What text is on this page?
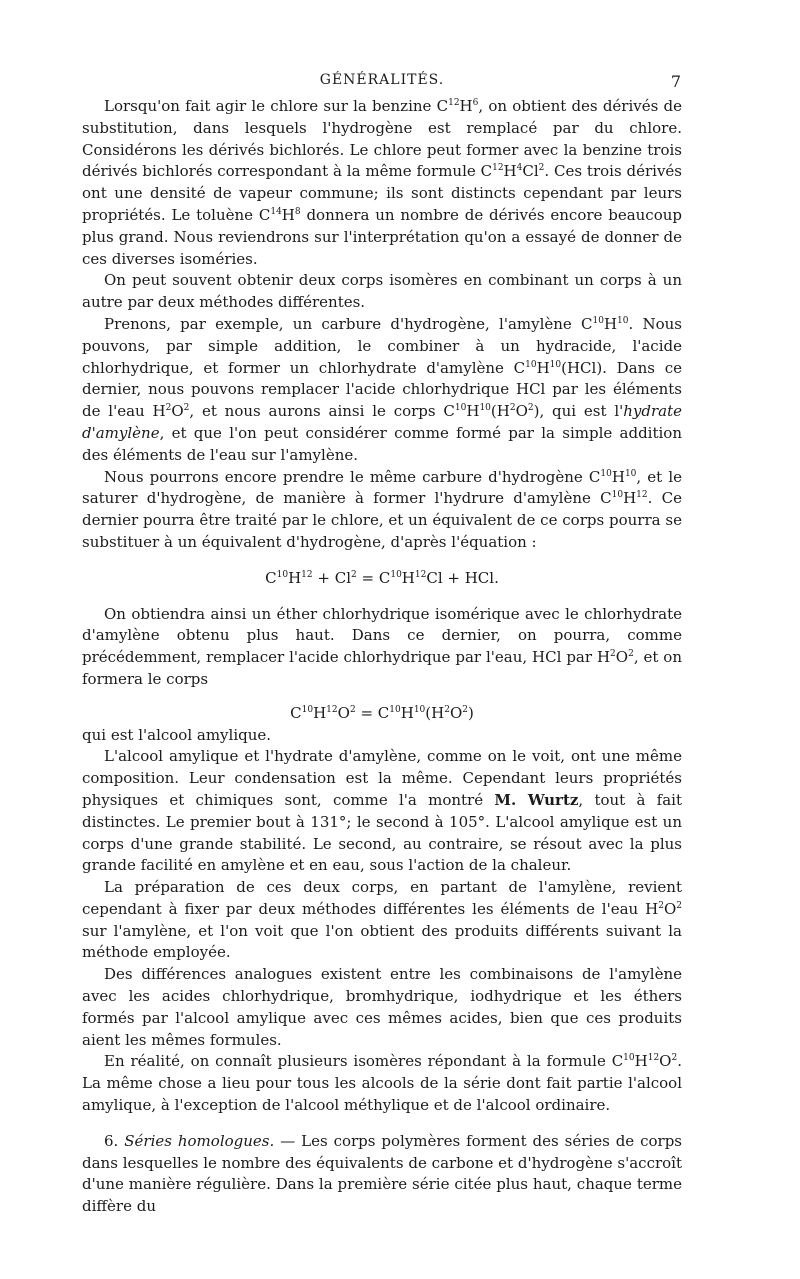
GÉNÉRALITÉS.	7

Lorsqu'on fait agir le chlore sur la benzine $C^{12}H^6$, on obtient des dérivés de substitution, dans lesquels l'hydrogène est remplacé par du chlore. Considérons les dérivés bichlorés. Le chlore peut former avec la benzine trois dérivés bichlorés correspondant à la même formule $C^{12}H^4Cl^2$. Ces trois dérivés ont une densité de vapeur commune; ils sont distincts cependant par leurs propriétés. Le toluène $C^{14}H^8$ donnera un nombre de dérivés encore beaucoup plus grand. Nous reviendrons sur l'interprétation qu'on a essayé de donner de ces diverses isoméries.

On peut souvent obtenir deux corps isomères en combinant un corps à un autre par deux méthodes différentes.

Prenons, par exemple, un carbure d'hydrogène, l'amylène $C^{10}H^{10}$. Nous pouvons, par simple addition, le combiner à un hydracide, l'acide chlorhydrique, et former un chlorhydrate d'amylène $C^{10}H^{10}(HCl)$. Dans ce dernier, nous pouvons remplacer l'acide chlorhydrique HCl par les éléments de l'eau $H^2O^2$, et nous aurons ainsi le corps $C^{10}H^{10}(H^2O^2)$, qui est l'hydrate d'amylène, et que l'on peut considérer comme formé par la simple addition des éléments de l'eau sur l'amylène.

Nous pourrons encore prendre le même carbure d'hydrogène $C^{10}H^{10}$, et le saturer d'hydrogène, de manière à former l'hydrure d'amylène $C^{10}H^{12}$. Ce dernier pourra être traité par le chlore, et un équivalent de ce corps pourra se substituer à un équivalent d'hydrogène, d'après l'équation :

$C^{10}H^{12} + Cl^2 = C^{10}H^{12}Cl$ + HCl.

On obtiendra ainsi un éther chlorhydrique isomérique avec le chlorhydrate d'amylène obtenu plus haut. Dans ce dernier, on pourra, comme précédemment, remplacer l'acide chlorhydrique par l'eau, HCl par $H^2O^2$, et on formera le corps

$C^{10}H^{12}O^2 = C^{10}H^{10}(H^2O^2)$

qui est l'alcool amylique.

L'alcool amylique et l'hydrate d'amylène, comme on le voit, ont une même composition. Leur condensation est la même. Cependant leurs propriétés physiques et chimiques sont, comme l'a montré M. Wurtz, tout à fait distinctes. Le premier bout à 131°; le second à 105°. L'alcool amylique est un corps d'une grande stabilité. Le second, au contraire, se résout avec la plus grande facilité en amylène et en eau, sous l'action de la chaleur.

La préparation de ces deux corps, en partant de l'amylène, revient cependant à fixer par deux méthodes différentes les éléments de l'eau $H^2O^2$ sur l'amylène, et l'on voit que l'on obtient des produits différents suivant la méthode employée.

Des différences analogues existent entre les combinaisons de l'amylène avec les acides chlorhydrique, bromhydrique, iodhydrique et les éthers formés par l'alcool amylique avec ces mêmes acides, bien que ces produits aient les mêmes formules.

En réalité, on connaît plusieurs isomères répondant à la formule $C^{10}H^{12}O^2$. La même chose a lieu pour tous les alcools de la série dont fait partie l'alcool amylique, à l'exception de l'alcool méthylique et de l'alcool ordinaire.

6. Séries homologues. — Les corps polymères forment des séries de corps dans lesquelles le nombre des équivalents de carbone et d'hydrogène s'accroît d'une manière régulière. Dans la première série citée plus haut, chaque terme diffère du
